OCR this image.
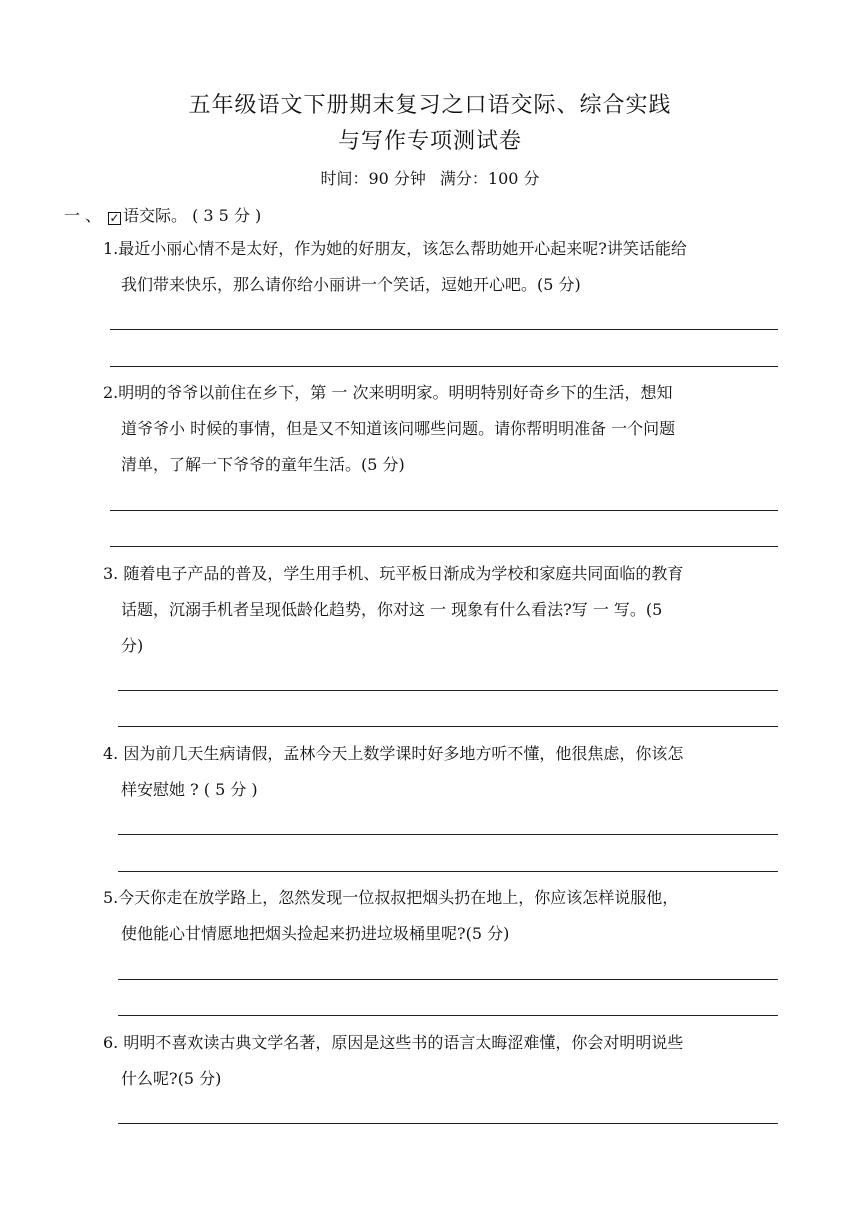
五年级语文下册期末复习之口语交际、综合实践
与写作专项测试卷
时间：90 分钟 满分：100 分
一 、 ✓ 语交际。 ( 3 5 分 )
1.最近小丽心情不是太好，作为她的好朋友，该怎么帮助她开心起来呢?讲笑话能给
我们带来快乐，那么请你给小丽讲一个笑话，逗她开心吧。(5 分)
2.明明的爷爷以前住在乡下，第 一 次来明明家。明明特别好奇乡下的生活，想知
道爷爷小 时候的事情，但是又不知道该问哪些问题。请你帮明明准备 一个问题
清单，了解一下爷爷的童年生活。(5 分)
3. 随着电子产品的普及，学生用手机、玩平板日渐成为学校和家庭共同面临的教育
话题，沉溺手机者呈现低龄化趋势，你对这 一 现象有什么看法?写 一 写。(5
分)
4. 因为前几天生病请假，孟林今天上数学课时好多地方听不懂，他很焦虑，你该怎
样安慰她 ? ( 5 分 )
5.今天你走在放学路上，忽然发现一位叔叔把烟头扔在地上，你应该怎样说服他，
使他能心甘情愿地把烟头捡起来扔进垃圾桶里呢?(5 分)
6. 明明不喜欢读古典文学名著，原因是这些书的语言太晦涩难懂，你会对明明说些
什么呢?(5 分)
